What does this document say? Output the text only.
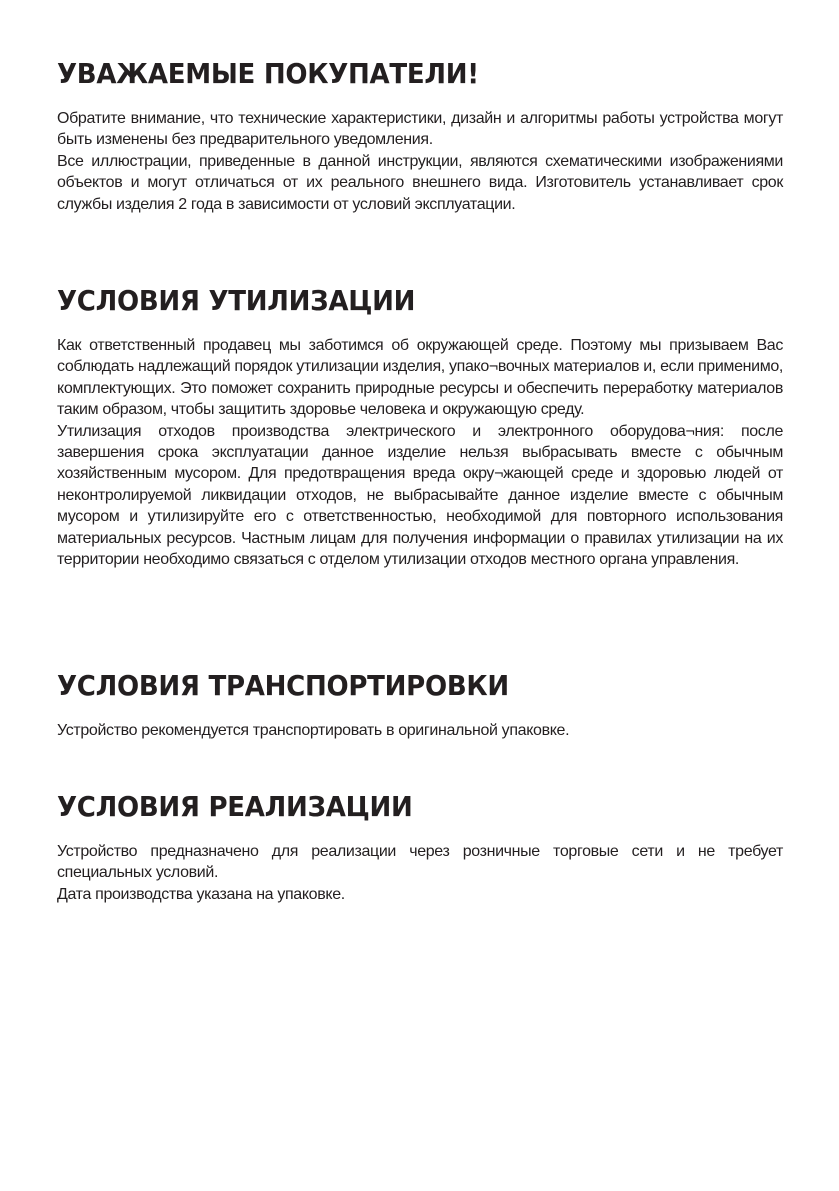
УВАЖАЕМЫЕ ПОКУПАТЕЛИ!

Обратите внимание, что технические характеристики, дизайн и алгоритмы работы устройства могут быть изменены без предварительного уведомления.

Все иллюстрации, приведенные в данной инструкции, являются схематическими изображениями объектов и могут отличаться от их реального внешнего вида. Изготовитель устанавливает срок службы изделия 2 года в зависимости от условий эксплуатации.

УСЛОВИЯ УТИЛИЗАЦИИ

Как ответственный продавец мы заботимся об окружающей среде. Поэтому мы призываем Вас соблюдать надлежащий порядок утилизации изделия, упако¬вочных материалов и, если применимо, комплектующих. Это поможет сохранить природные ресурсы и обеспечить переработку материалов таким образом, чтобы защитить здоровье человека и окружающую среду.

Утилизация отходов производства электрического и электронного оборудова¬ния: после завершения срока эксплуатации данное изделие нельзя выбрасывать вместе с обычным хозяйственным мусором. Для предотвращения вреда окру¬жающей среде и здоровью людей от неконтролируемой ликвидации отходов, не выбрасывайте данное изделие вместе с обычным мусором и утилизируйте его с ответственностью, необходимой для повторного использования материальных ресурсов. Частным лицам для получения информации о правилах утилизации на их территории необходимо связаться с отделом утилизации отходов местного органа управления.

УСЛОВИЯ ТРАНСПОРТИРОВКИ

Устройство рекомендуется транспортировать в оригинальной упаковке.

УСЛОВИЯ РЕАЛИЗАЦИИ

Устройство предназначено для реализации через розничные торговые сети и не требует специальных условий.

Дата производства указана на упаковке.
